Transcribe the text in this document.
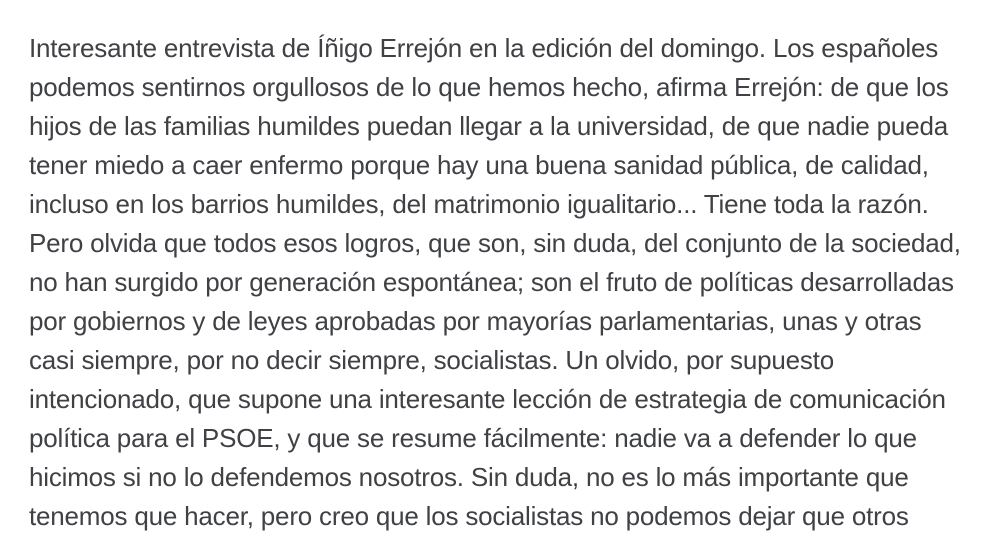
Interesante entrevista de Íñigo Errejón en la edición del domingo. Los españoles
podemos sentirnos orgullosos de lo que hemos hecho, afirma Errejón: de que los
hijos de las familias humildes puedan llegar a la universidad, de que nadie pueda
tener miedo a caer enfermo porque hay una buena sanidad pública, de calidad,
incluso en los barrios humildes, del matrimonio igualitario... Tiene toda la razón.
Pero olvida que todos esos logros, que son, sin duda, del conjunto de la sociedad,
no han surgido por generación espontánea; son el fruto de políticas desarrolladas
por gobiernos y de leyes aprobadas por mayorías parlamentarias, unas y otras
casi siempre, por no decir siempre, socialistas. Un olvido, por supuesto
intencionado, que supone una interesante lección de estrategia de comunicación
política para el PSOE, y que se resume fácilmente: nadie va a defender lo que
hicimos si no lo defendemos nosotros. Sin duda, no es lo más importante que
tenemos que hacer, pero creo que los socialistas no podemos dejar que otros
